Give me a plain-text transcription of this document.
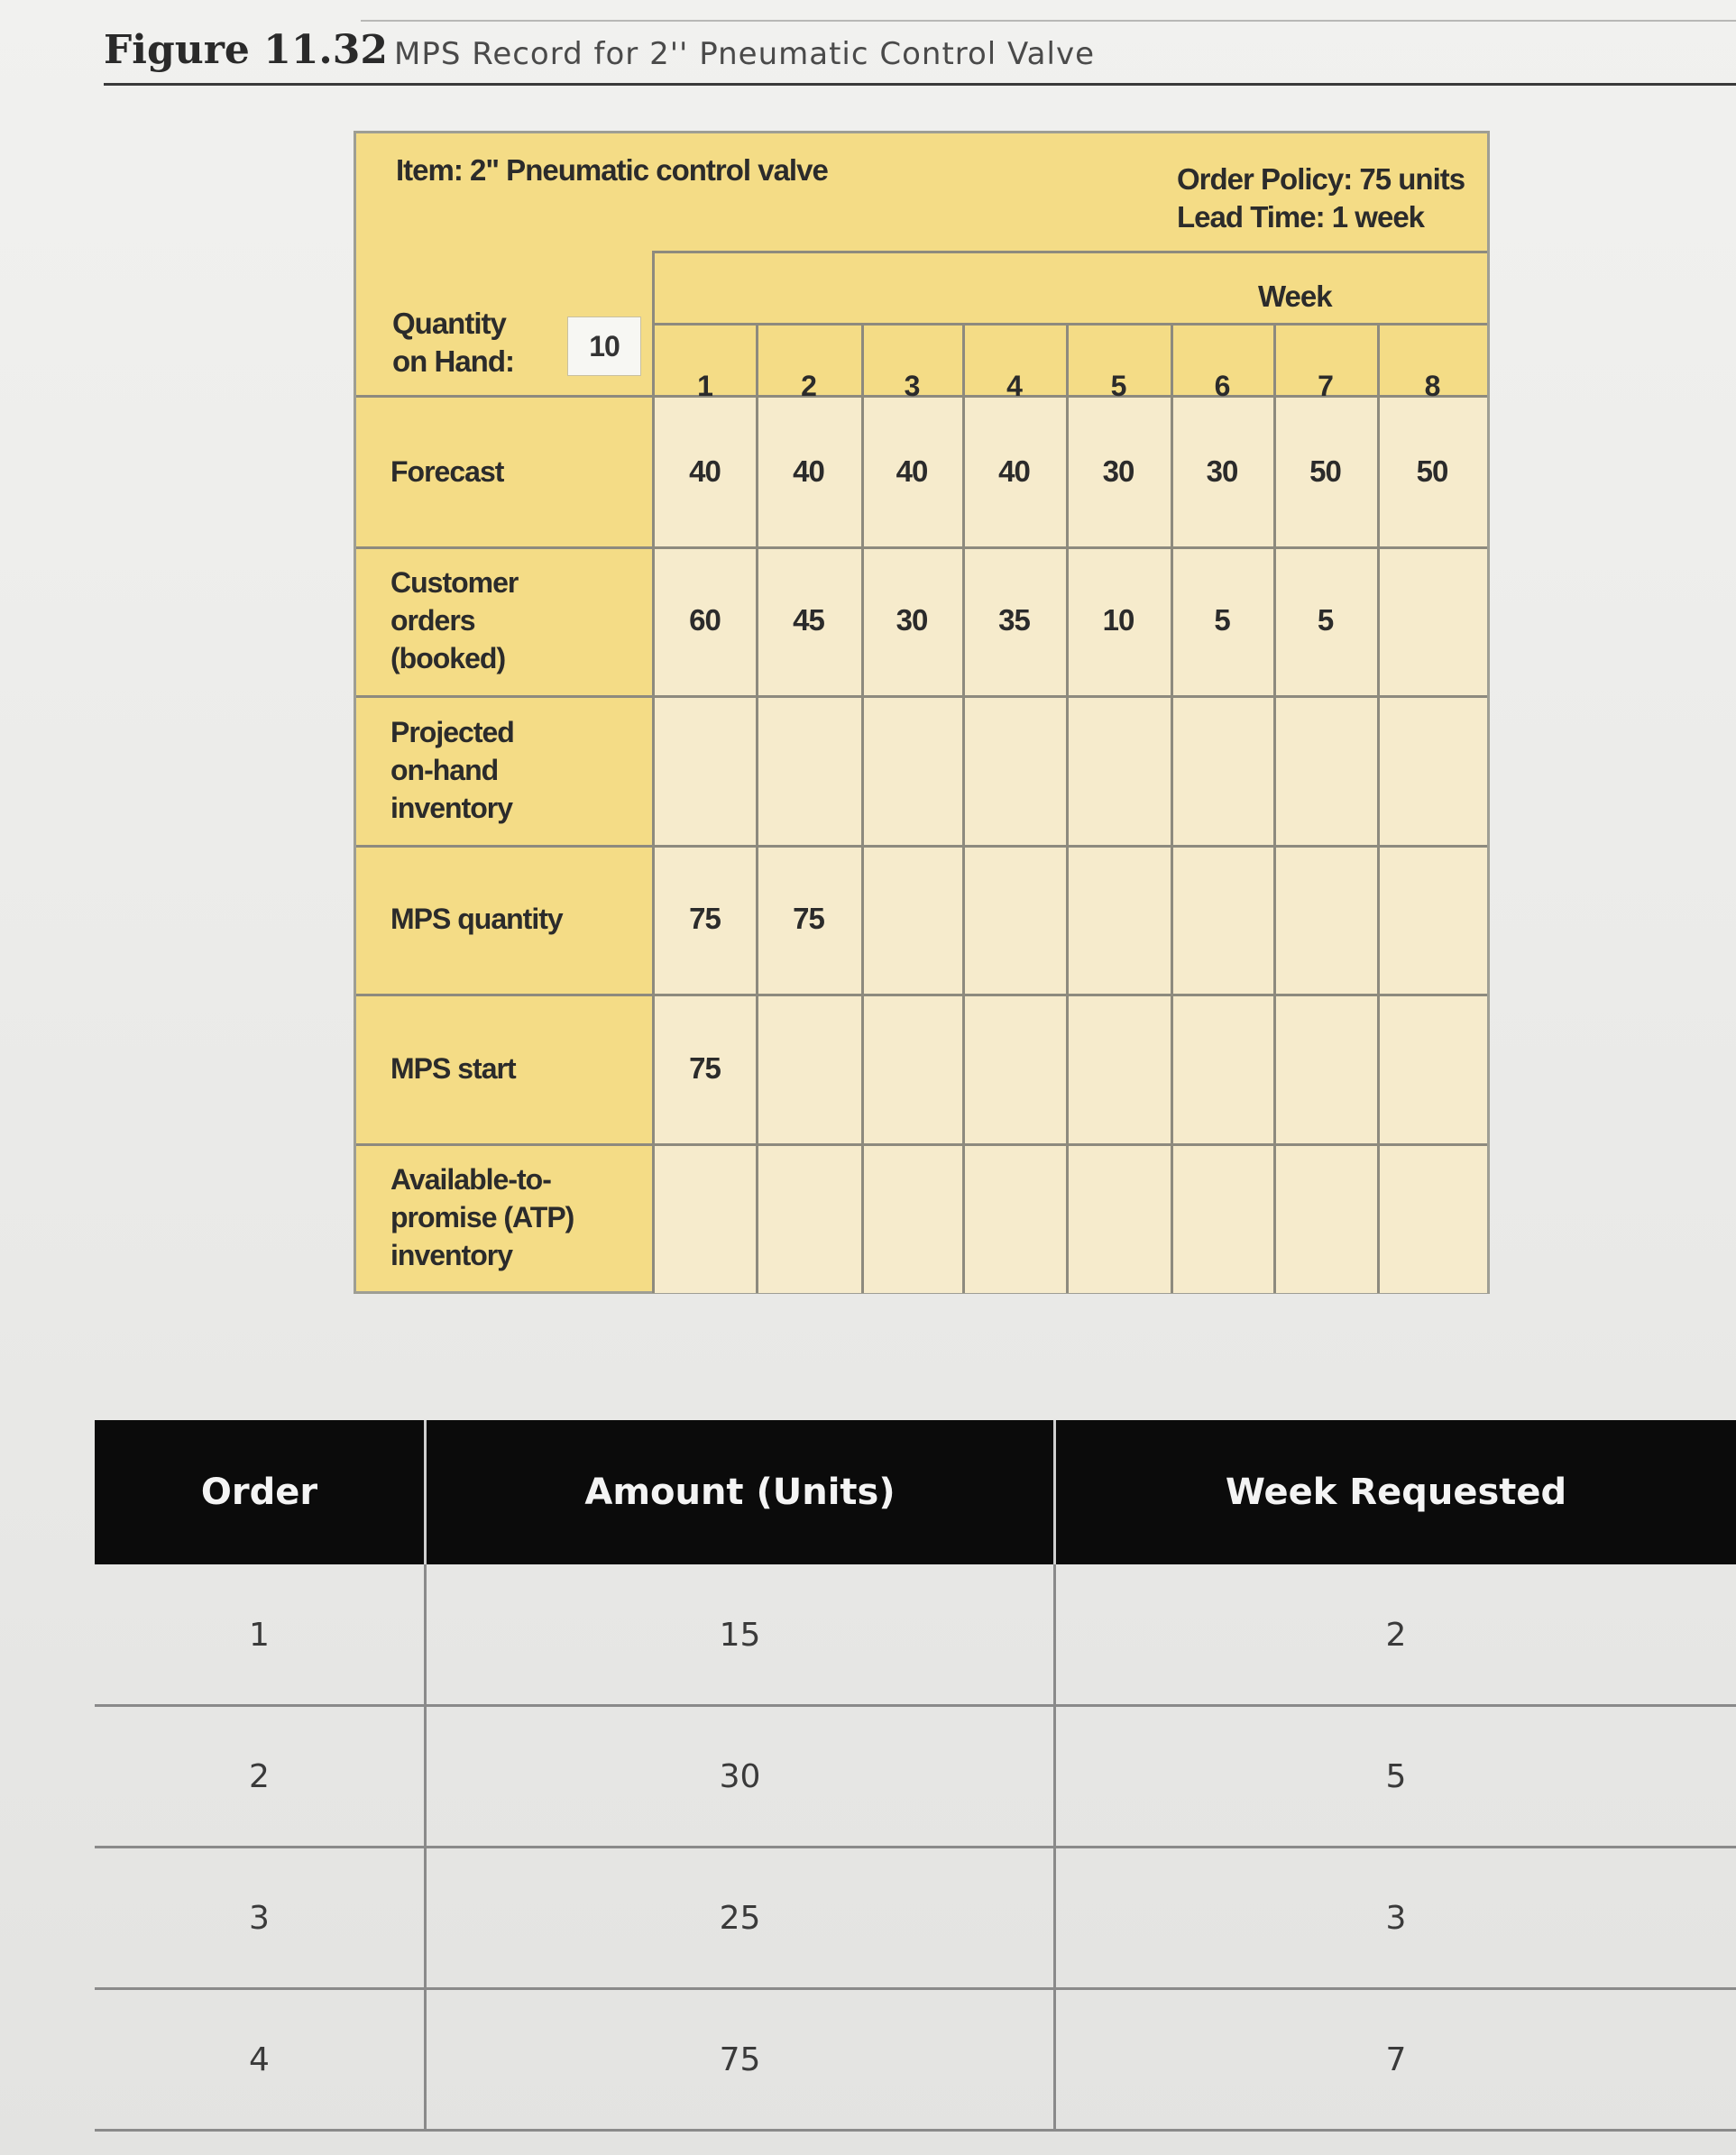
Figure 11.32 MPS Record for 2'' Pneumatic Control Valve
Item: 2" Pneumatic control valve	Order Policy: 75 units
Lead Time: 1 week
Quantity
on Hand:	10
Week
1	2	3	4	5	6	7	8
Forecast	40	40	40	40	30	30	50	50
Customer
orders
(booked)
60	45	30	35	10	5	5
Projected
on-hand
inventory
MPS quantity	75	75
MPS start	75
Available-to-
promise (ATP)
inventory
Order	Amount (Units)	Week Requested
1	15	2
2	30	5
3	25	3
4	75	7
